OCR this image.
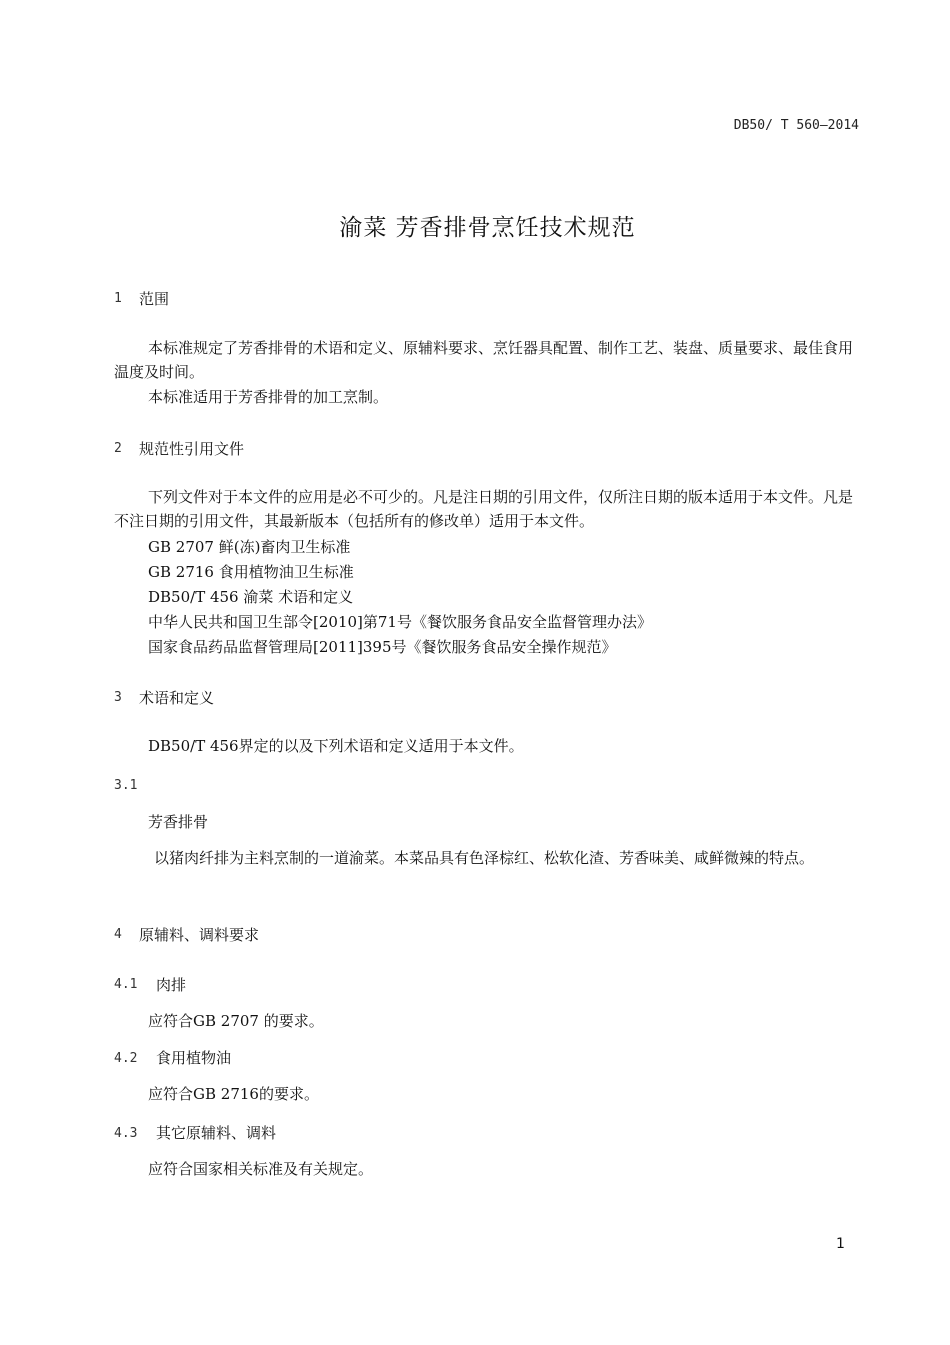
DB50/ T 560—2014
渝菜 芳香排骨烹饪技术规范
1 范围
本标准规定了芳香排骨的术语和定义、原辅料要求、烹饪器具配置、制作工艺、装盘、质量要求、最佳食用温度及时间。
本标准适用于芳香排骨的加工烹制。
2 规范性引用文件
下列文件对于本文件的应用是必不可少的。凡是注日期的引用文件，仅所注日期的版本适用于本文件。凡是不注日期的引用文件，其最新版本（包括所有的修改单）适用于本文件。
GB 2707 鲜(冻)畜肉卫生标准
GB 2716 食用植物油卫生标准
DB50/T 456 渝菜 术语和定义
中华人民共和国卫生部令[2010]第71号《餐饮服务食品安全监督管理办法》
国家食品药品监督管理局[2011]395号《餐饮服务食品安全操作规范》
3 术语和定义
DB50/T 456界定的以及下列术语和定义适用于本文件。
3.1
芳香排骨
以猪肉纤排为主料烹制的一道渝菜。本菜品具有色泽棕红、松软化渣、芳香味美、咸鲜微辣的特点。
4 原辅料、调料要求
4.1 肉排
应符合GB 2707 的要求。
4.2 食用植物油
应符合GB 2716的要求。
4.3 其它原辅料、调料
应符合国家相关标准及有关规定。
1
